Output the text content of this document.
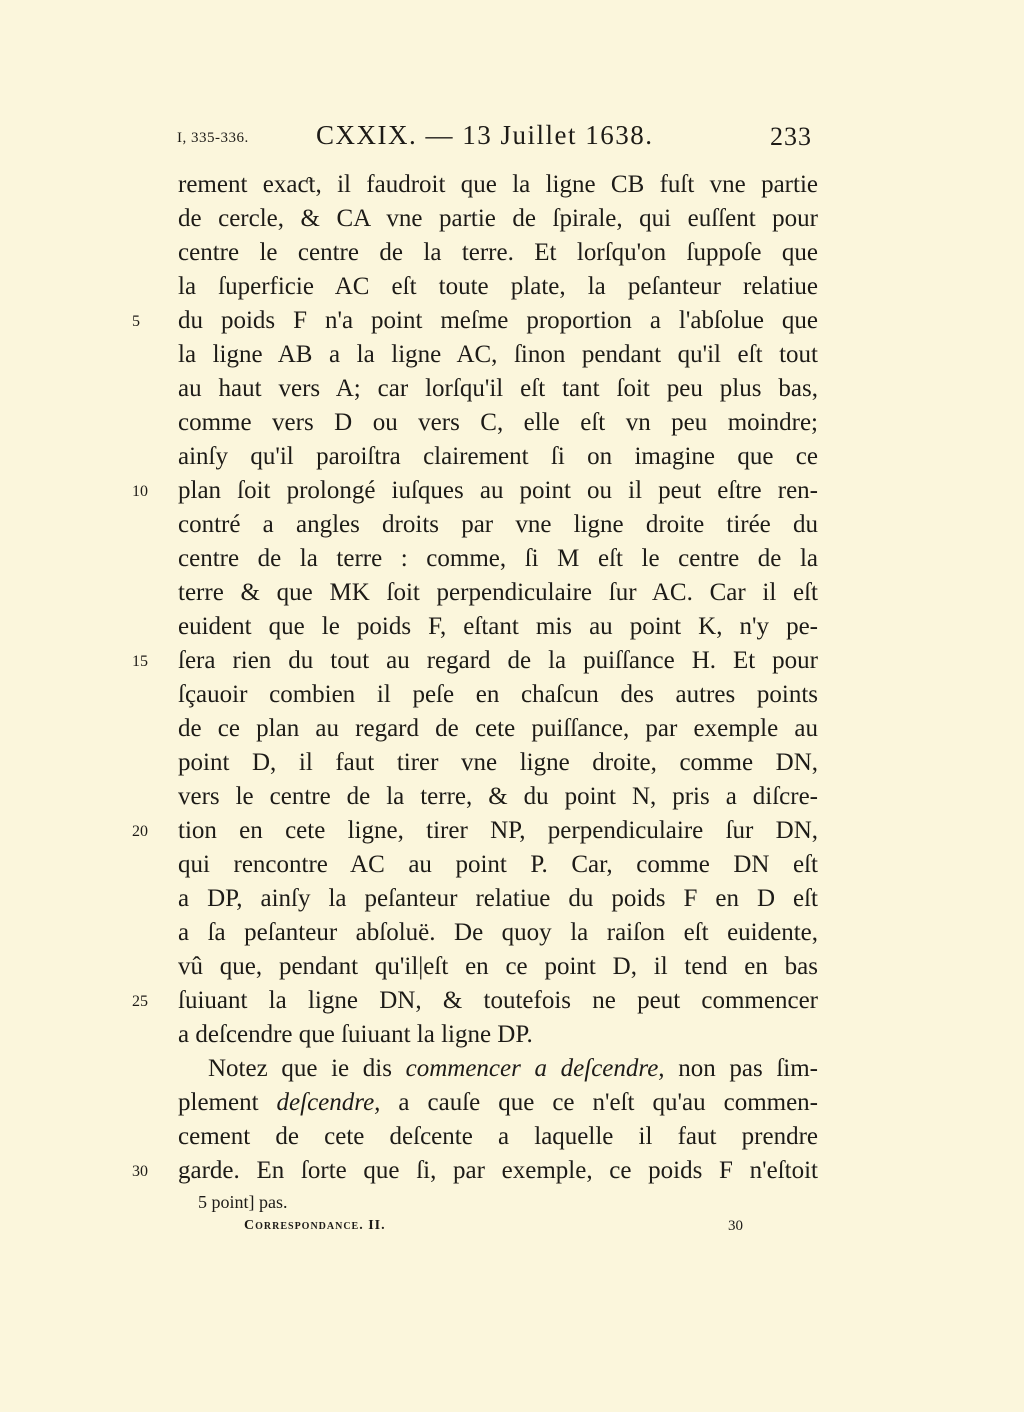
I, 335-336. CXXIX. — 13 Juillet 1638.	233
rement exaƈt, il faudroit que la ligne CB fuſt vne partie
de cercle, & CA vne partie de ſpirale, qui euſſent pour
centre le centre de la terre. Et lorſqu'on ſuppoſe que
la ſuperficie AC eſt toute plate, la peſanteur relatiue
5	du poids F n'a point meſme proportion a l'abſolue que
la ligne AB a la ligne AC, ſinon pendant qu'il eſt tout
au haut vers A; car lorſqu'il eſt tant ſoit peu plus bas,
comme vers D ou vers C, elle eſt vn peu moindre;
ainſy qu'il paroiſtra clairement ſi on imagine que ce
10	plan ſoit prolongé iuſques au point ou il peut eſtre ren-
contré a angles droits par vne ligne droite tirée du
centre de la terre : comme, ſi M eſt le centre de la
terre & que MK ſoit perpendiculaire ſur AC. Car il eſt
euident que le poids F, eſtant mis au point K, n'y pe-
15	ſera rien du tout au regard de la puiſſance H. Et pour
ſçauoir combien il peſe en chaſcun des autres points
de ce plan au regard de cete puiſſance, par exemple au
point D, il faut tirer vne ligne droite, comme DN,
vers le centre de la terre, & du point N, pris a diſcre-
20	tion en cete ligne, tirer NP, perpendiculaire ſur DN,
qui rencontre AC au point P. Car, comme DN eſt
a DP, ainſy la peſanteur relatiue du poids F en D eſt
a ſa peſanteur abſoluë. De quoy la raiſon eſt euidente,
vû que, pendant qu'il|eſt en ce point D, il tend en bas
25	ſuiuant la ligne DN, & toutefois ne peut commencer
a deſcendre que ſuiuant la ligne DP.
Notez que ie dis commencer a deſcendre, non pas ſim-
plement deſcendre, a cauſe que ce n'eſt qu'au commen-
cement de cete deſcente a laquelle il faut prendre
30	garde. En ſorte que ſi, par exemple, ce poids F n'eſtoit
5 point] pas.
Correspondance. II.	30
